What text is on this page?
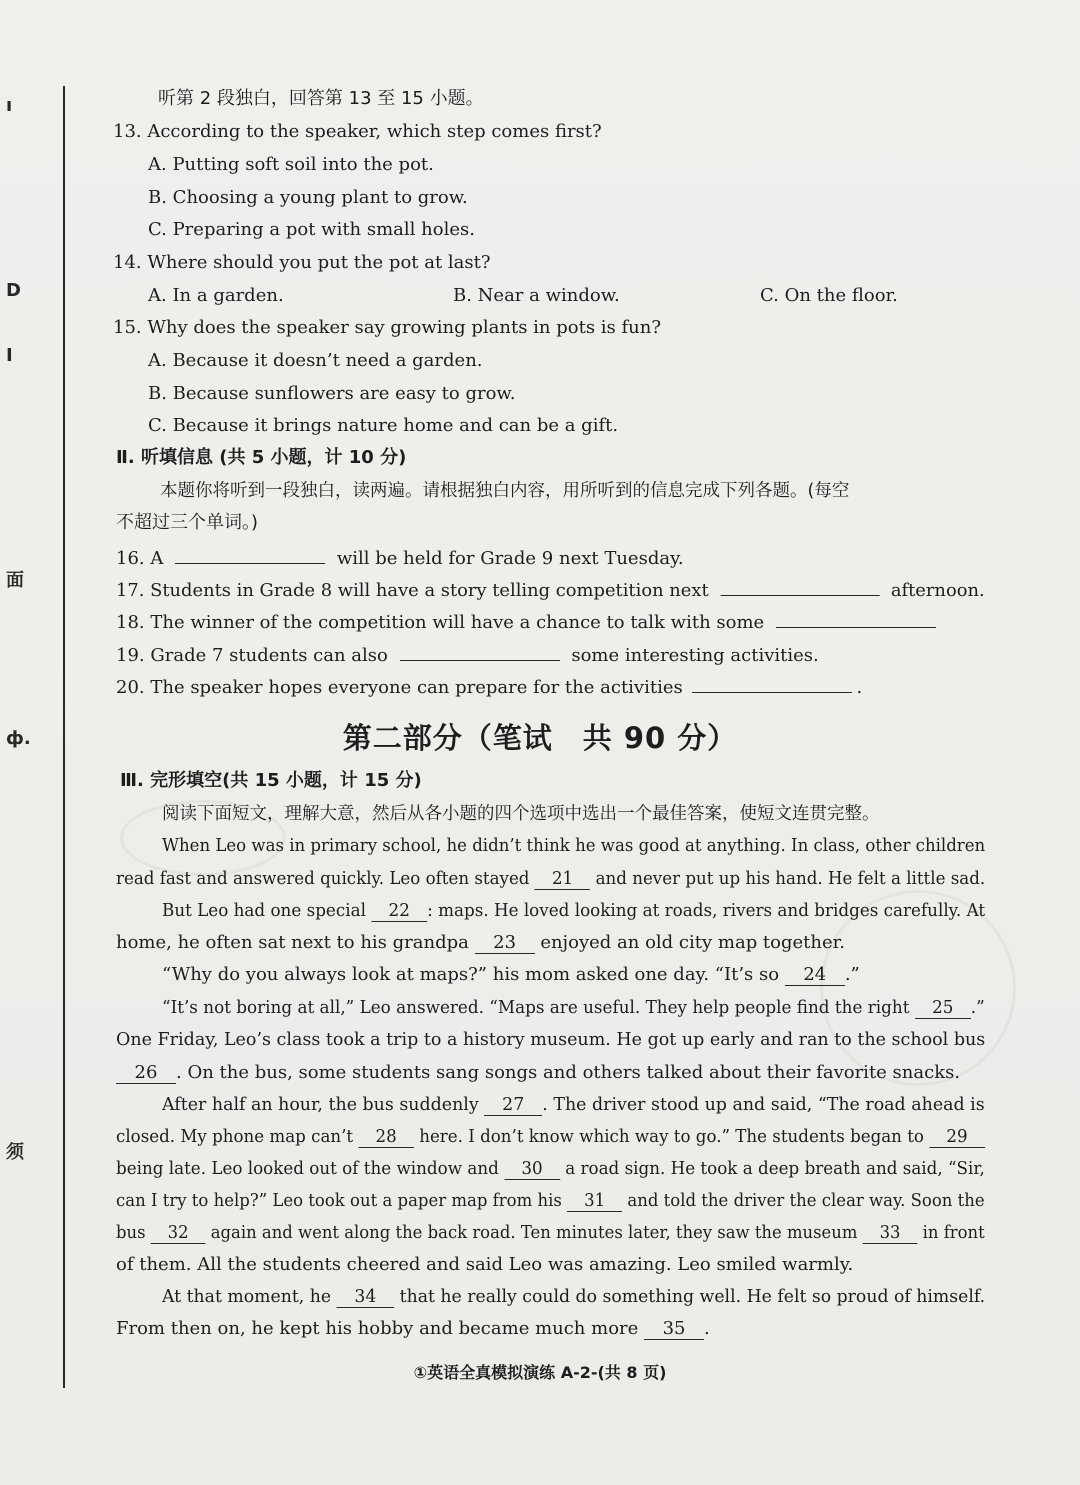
ı
D
I
面
ф.
须
听第 2 段独白，回答第 13 至 15 小题。
13. According to the speaker, which step comes first?
A. Putting soft soil into the pot.
B. Choosing a young plant to grow.
C. Preparing a pot with small holes.
14. Where should you put the pot at last?
A. In a garden.	B. Near a window.	C. On the floor.
15. Why does the speaker say growing plants in pots is fun?
A. Because it doesn’t need a garden.
B. Because sunflowers are easy to grow.
C. Because it brings nature home and can be a gift.
Ⅱ. 听填信息 (共 5 小题，计 10 分)
本题你将听到一段独白，读两遍。请根据独白内容，用所听到的信息完成下列各题。(每空
不超过三个单词。)
16. A	will be held for Grade 9 next Tuesday.
17. Students in Grade 8 will have a story telling competition next	afternoon.
18. The winner of the competition will have a chance to talk with some
19. Grade 7 students can also	some interesting activities.
20. The speaker hopes everyone can prepare for the activities	.
第二部分（笔试　共 90 分）
Ⅲ. 完形填空(共 15 小题，计 15 分)
阅读下面短文，理解大意，然后从各小题的四个选项中选出一个最佳答案，使短文连贯完整。
When Leo was in primary school, he didn’t think he was good at anything. In class, other children
read fast and answered quickly. Leo often stayed 21 and never put up his hand. He felt a little sad.
But Leo had one special 22 : maps. He loved looking at roads, rivers and bridges carefully. At
home, he often sat next to his grandpa 23 enjoyed an old city map together.
“Why do you always look at maps?” his mom asked one day. “It’s so 24 .”
“It’s not boring at all,” Leo answered. “Maps are useful. They help people find the right 25 .”
One Friday, Leo’s class took a trip to a history museum. He got up early and ran to the school bus
26 . On the bus, some students sang songs and others talked about their favorite snacks.
After half an hour, the bus suddenly 27 . The driver stood up and said, “The road ahead is
closed. My phone map can’t 28 here. I don’t know which way to go.” The students began to 29
being late. Leo looked out of the window and 30 a road sign. He took a deep breath and said, “Sir,
can I try to help?” Leo took out a paper map from his 31 and told the driver the clear way. Soon the
bus 32 again and went along the back road. Ten minutes later, they saw the museum 33 in front
of them. All the students cheered and said Leo was amazing. Leo smiled warmly.
At that moment, he 34 that he really could do something well. He felt so proud of himself.
From then on, he kept his hobby and became much more 35 .
①英语全真模拟演练 A-2-(共 8 页)
